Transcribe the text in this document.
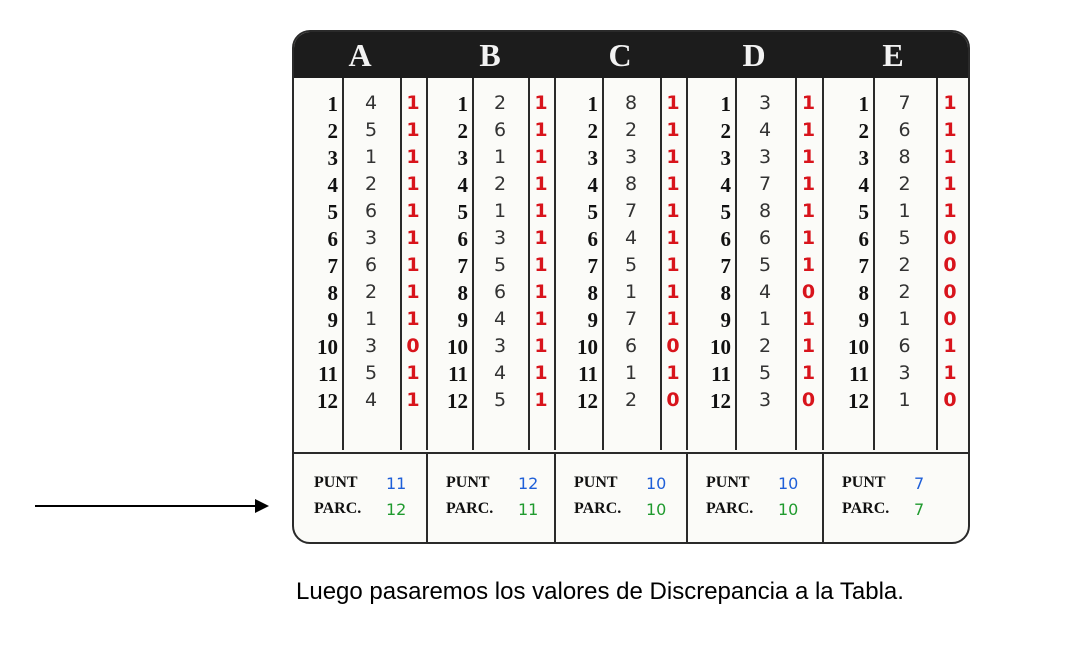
A	B	C	D	E
PUNT 11
PARC. 12
PUNT 12
PARC. 11
PUNT 10
PARC. 10
PUNT 10
PARC. 10
PUNT 7
PARC. 7
1	4	1
2	5	1
3	1	1
4	2	1
5	6	1
6	3	1
7	6	1
8	2	1
9	1	1
10	3	0
11	5	1
12	4	1
1	2	1
2	6	1
3	1	1
4	2	1
5	1	1
6	3	1
7	5	1
8	6	1
9	4	1
10	3	1
11	4	1
12	5	1
1	8	1
2	2	1
3	3	1
4	8	1
5	7	1
6	4	1
7	5	1
8	1	1
9	7	1
10	6	0
11	1	1
12	2	0
1	3	1
2	4	1
3	3	1
4	7	1
5	8	1
6	6	1
7	5	1
8	4	0
9	1	1
10	2	1
11	5	1
12	3	0
1	7	1
2	6	1
3	8	1
4	2	1
5	1	1
6	5	0
7	2	0
8	2	0
9	1	0
10	6	1
11	3	1
12	1	0
Luego pasaremos los valores de Discrepancia a la Tabla.
